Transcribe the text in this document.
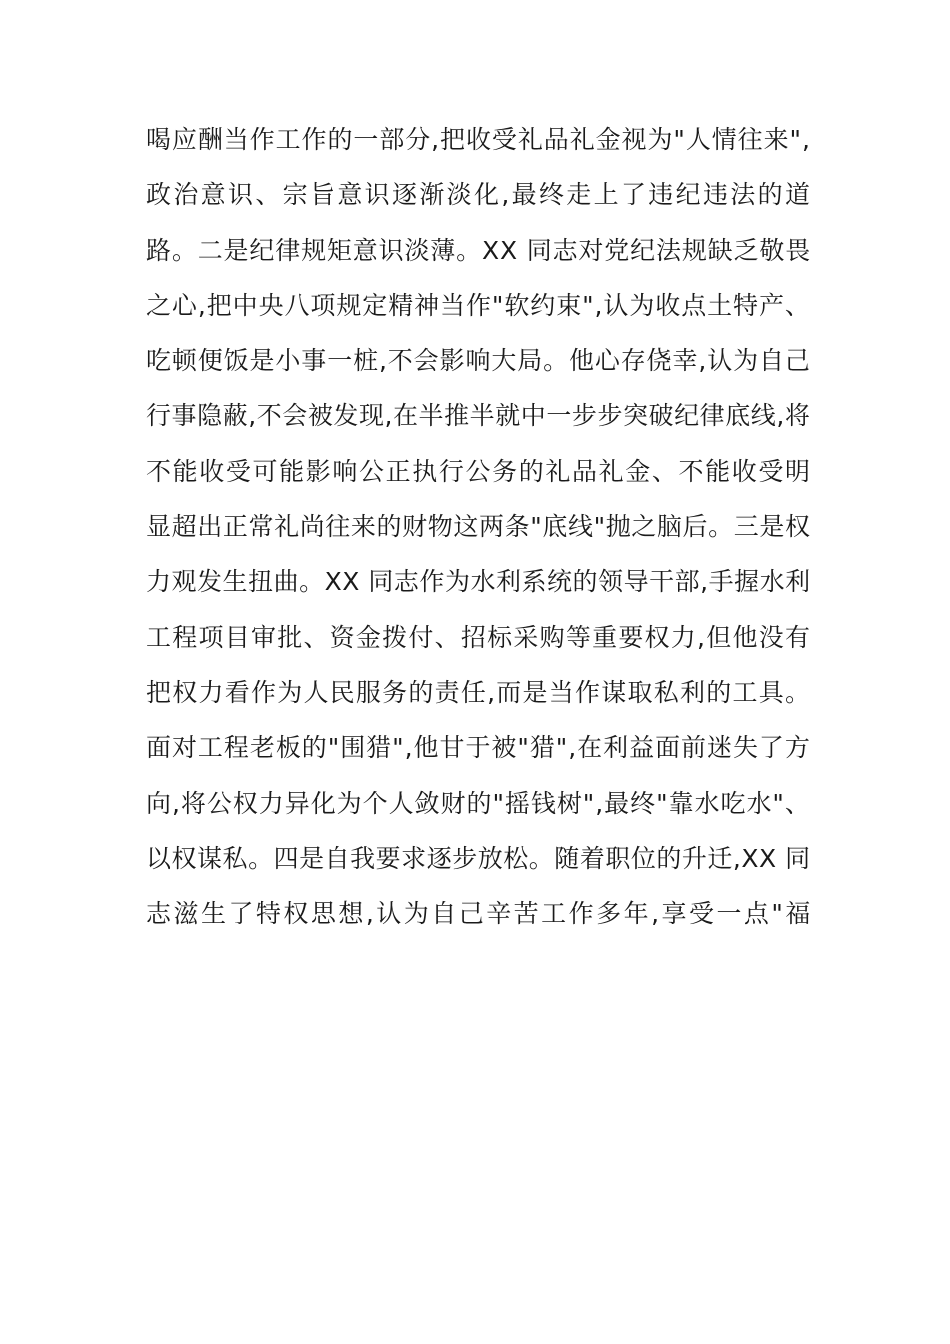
喝应酬当作工作的一部分,把收受礼品礼金视为"人情往来",
政治意识、宗旨意识逐渐淡化,最终走上了违纪违法的道
路。二是纪律规矩意识淡薄。XX 同志对党纪法规缺乏敬畏
之心,把中央八项规定精神当作"软约束",认为收点土特产、
吃顿便饭是小事一桩,不会影响大局。他心存侥幸,认为自己
行事隐蔽,不会被发现,在半推半就中一步步突破纪律底线,将
不能收受可能影响公正执行公务的礼品礼金、不能收受明
显超出正常礼尚往来的财物这两条"底线"抛之脑后。三是权
力观发生扭曲。XX 同志作为水利系统的领导干部,手握水利
工程项目审批、资金拨付、招标采购等重要权力,但他没有
把权力看作为人民服务的责任,而是当作谋取私利的工具。
面对工程老板的"围猎",他甘于被"猎",在利益面前迷失了方
向,将公权力异化为个人敛财的"摇钱树",最终"靠水吃水"、
以权谋私。四是自我要求逐步放松。随着职位的升迁,XX 同
志滋生了特权思想,认为自己辛苦工作多年,享受一点"福
